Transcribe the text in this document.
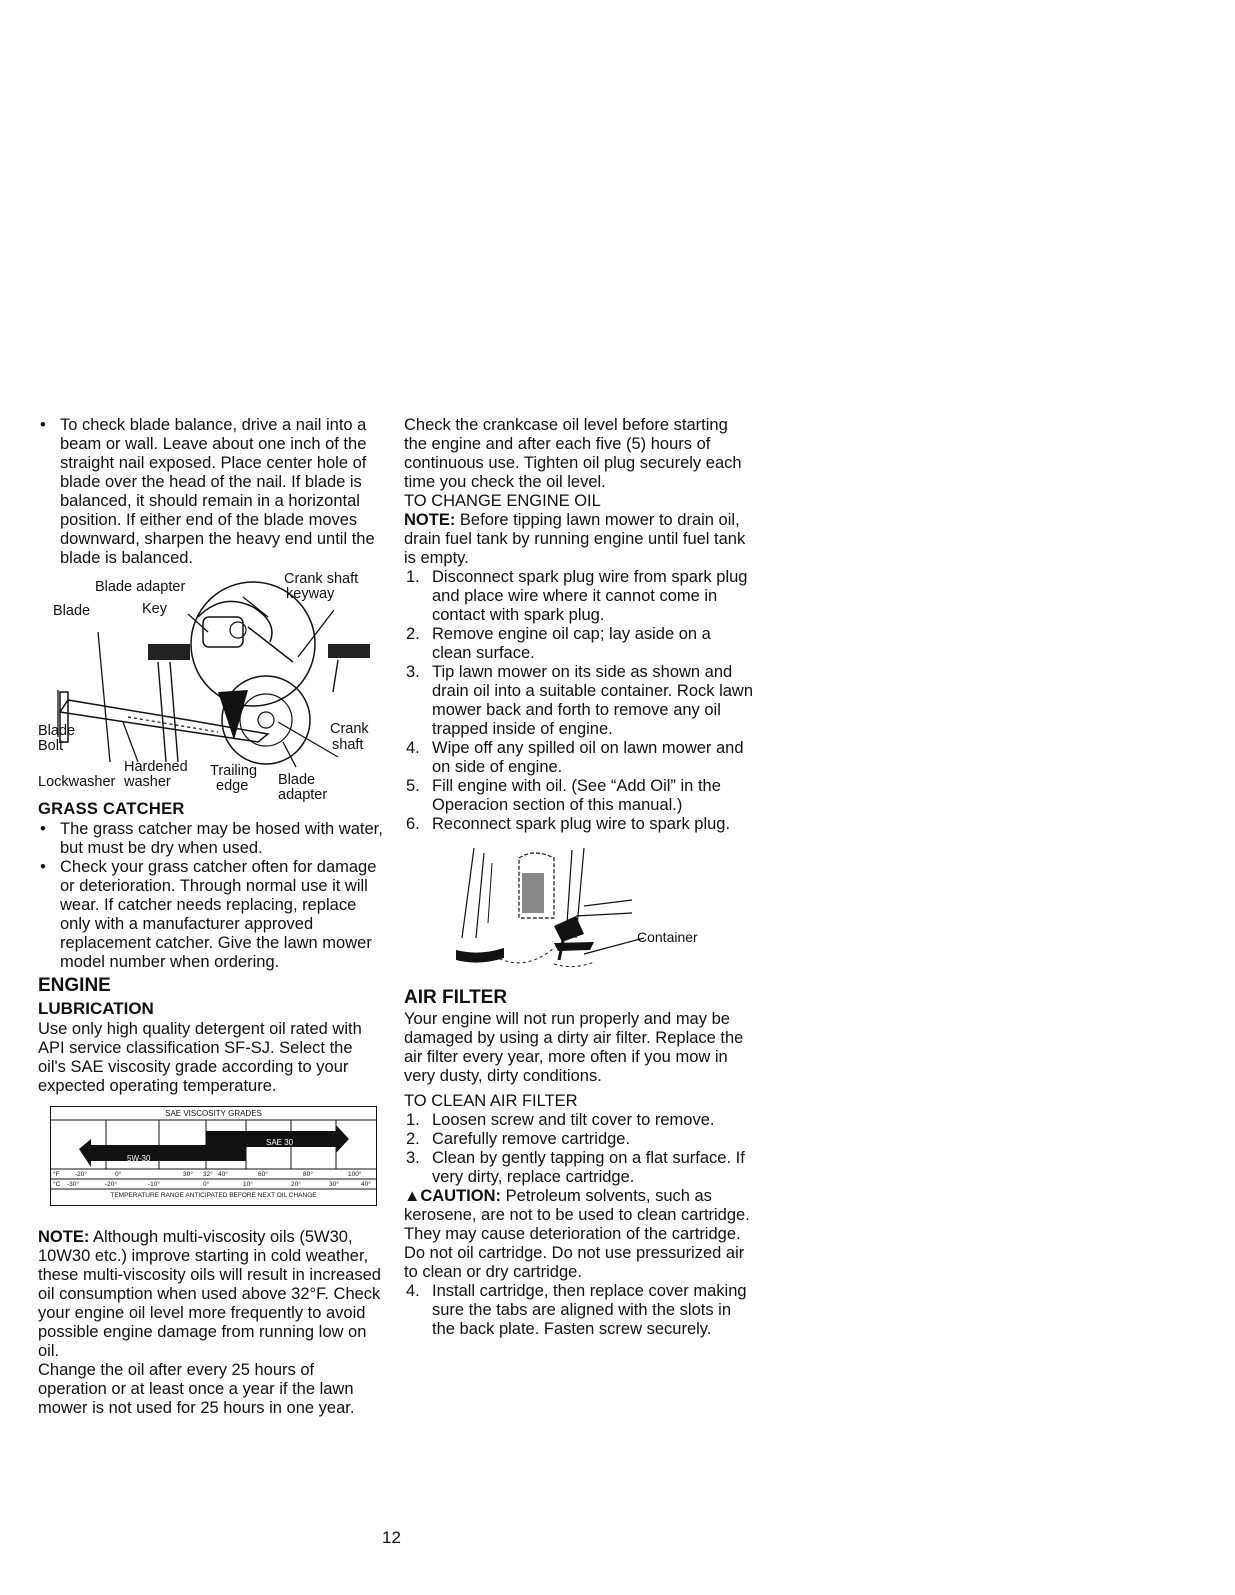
• To check blade balance, drive a nail into a beam or wall. Leave about one inch of the straight nail exposed. Place center hole of blade over the head of the nail. If blade is balanced, it should remain in a horizontal position. If either end of the blade moves downward, sharpen the heavy end until the blade is balanced.

Blade adapter	Crank shaft
keyway
Blade	Key
Blade
Bolt
Crank
shaft
Lockwasher
Hardened
washer
Trailing
edge Blade
adapter
GRASS CATCHER

• The grass catcher may be hosed with water, but must be dry when used.

• Check your grass catcher often for damage or deterioration. Through normal use it will wear. If catcher needs replacing, replace only with a manufacturer approved replacement catcher. Give the lawn mower model number when ordering.

ENGINE
LUBRICATION

Use only high quality detergent oil rated with API service classification SF-SJ. Select the oil's SAE viscosity grade according to your expected operating temperature.

SAE VISCOSITY GRADES
SAE 30
5W-30
°F -20°	0°	30° 32° 40°	60°	80°	100°
°C -30°	-20°	-10°	0°	10°	20°	30°	40°
TEMPERATURE RANGE ANTICIPATED BEFORE NEXT OIL CHANGE

NOTE: Although multi-viscosity oils (5W30, 10W30 etc.) improve starting in cold weather, these multi-viscosity oils will result in increased oil consumption when used above 32°F. Check your engine oil level more frequently to avoid possible engine damage from running low on oil.

Change the oil after every 25 hours of operation or at least once a year if the lawn mower is not used for 25 hours in one year.

Check the crankcase oil level before starting the engine and after each five (5) hours of continuous use. Tighten oil plug securely each time you check the oil level.

TO CHANGE ENGINE OIL

NOTE: Before tipping lawn mower to drain oil, drain fuel tank by running engine until fuel tank is empty.

1. Disconnect spark plug wire from spark plug and place wire where it cannot come in contact with spark plug.

2. Remove engine oil cap; lay aside on a clean surface.

3. Tip lawn mower on its side as shown and drain oil into a suitable container. Rock lawn mower back and forth to remove any oil trapped inside of engine.

4. Wipe off any spilled oil on lawn mower and on side of engine.

5. Fill engine with oil. (See “Add Oil” in the Operacion section of this manual.)

6. Reconnect spark plug wire to spark plug.

Container
AIR FILTER

Your engine will not run properly and may be damaged by using a dirty air filter. Replace the air filter every year, more often if you mow in very dusty, dirty conditions.

TO CLEAN AIR FILTER

1. Loosen screw and tilt cover to remove.

2. Carefully remove cartridge.

3. Clean by gently tapping on a flat surface. If very dirty, replace cartridge.

▲CAUTION: Petroleum solvents, such as kerosene, are not to be used to clean cartridge. They may cause deterioration of the cartridge. Do not oil cartridge. Do not use pressurized air to clean or dry cartridge.

4. Install cartridge, then replace cover making sure the tabs are aligned with the slots in the back plate. Fasten screw securely.

12
